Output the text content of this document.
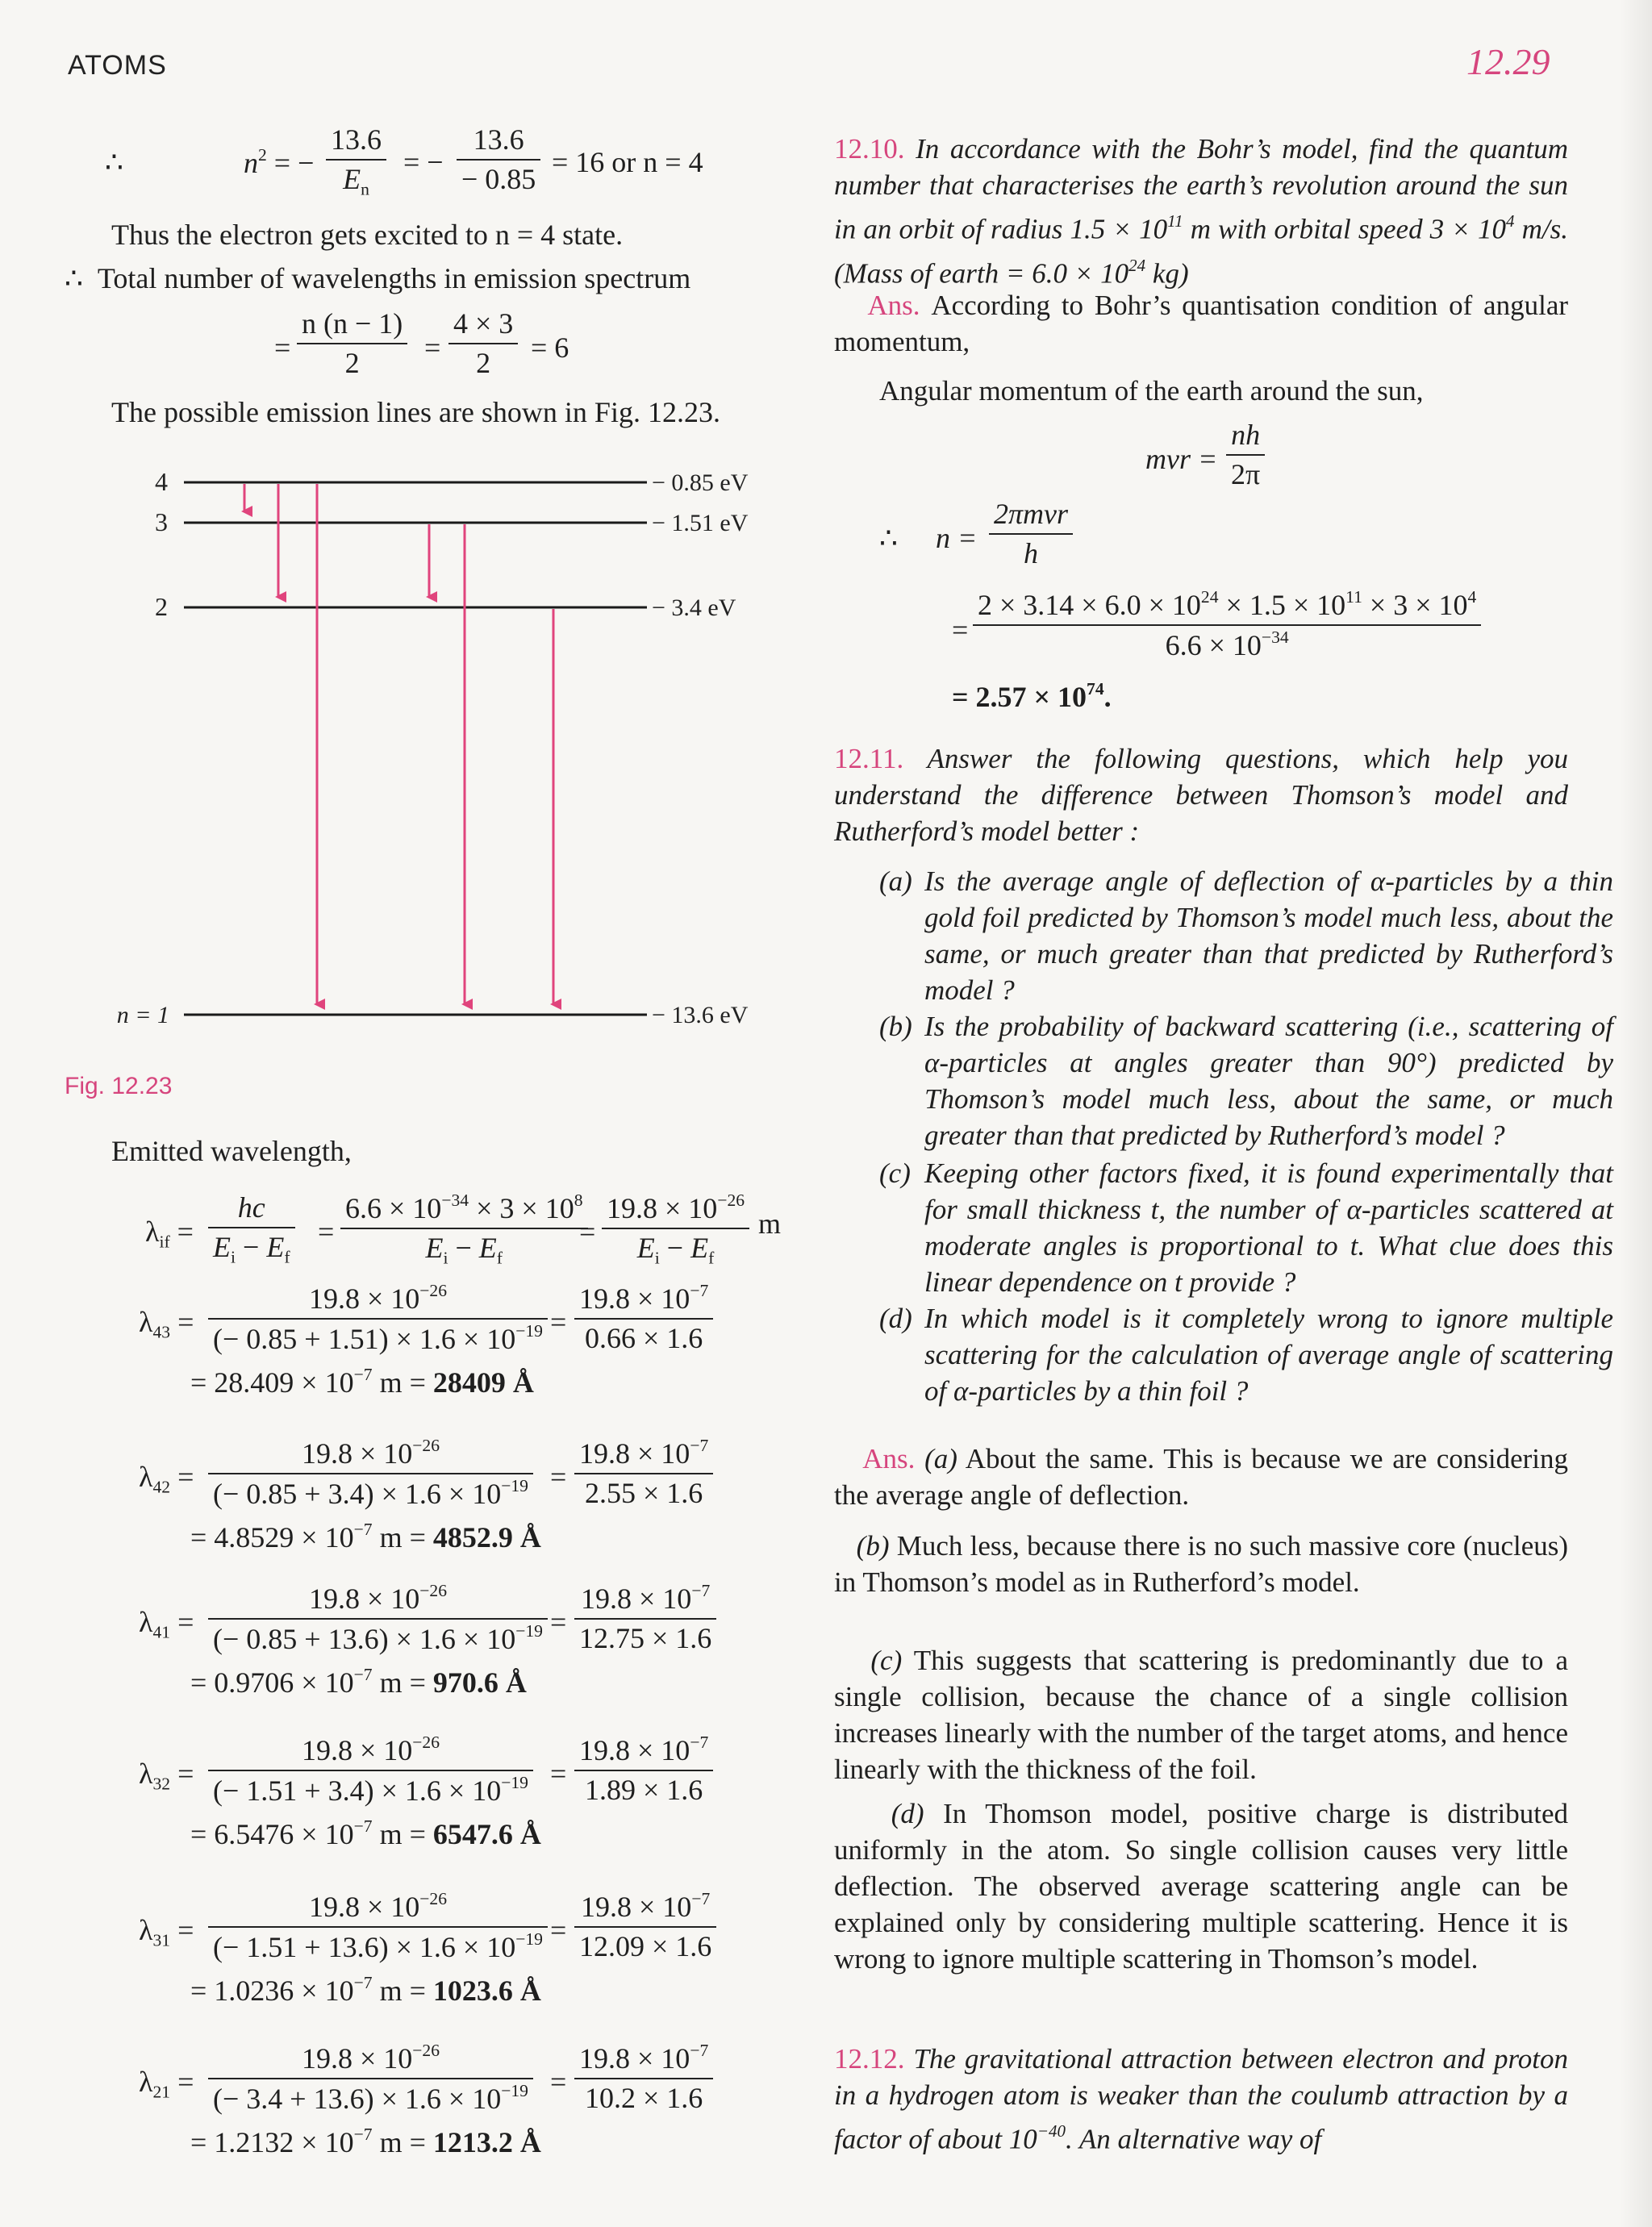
ATOMS	12.29
∴	$n^2$ = − $\frac{13.6}{E_n}$ = − $\frac{13.6}{- 0.85} = 16$ or n = 4
Thus the electron gets excited to n = 4 state.
∴  Total number of wavelengths in emission spectrum
= $\frac{n (n - 1)}{2} = \frac{4 \times 3}{2} = 6$
The possible emission lines are shown in Fig. 12.23.
4
3
2
n = 1
− 0.85 eV
− 1.51 eV
− 3.4 eV
− 13.6 eV
Fig. 12.23
Emitted wavelength,
$\lambda_{if} = \frac{hc}{E_i - E_f} = \frac{6.6 \times 10^{-34} \times 3 \times 10^8}{E_i - E_f}$
= $\frac{19.8 \times 10^{-26}}{E_i - E_f}$ m
$\lambda_{43} = \frac{19.8 \times 10^{-26}}{(- 0.85 + 1.51) \times 1.6 \times 10^{-19}} = \frac{19.8 \times 10^{-7}}{0.66 \times 1.6}$
= $28.409 \times 10^{-7}$ m = 28409 Å
$\lambda_{42} = \frac{19.8 \times 10^{-26}}{(- 0.85 + 3.4) \times 1.6 \times 10^{-19}} = \frac{19.8 \times 10^{-7}}{2.55 \times 1.6}$
= $4.8529 \times 10^{-7}$ m = 4852.9 Å
$\lambda_{41} = \frac{19.8 \times 10^{-26}}{(- 0.85 + 13.6) \times 1.6 \times 10^{-19}} = \frac{19.8 \times 10^{-7}}{12.75 \times 1.6}$
= $0.9706 \times 10^{-7}$ m = 970.6 Å
$\lambda_{32} = \frac{19.8 \times 10^{-26}}{(- 1.51 + 3.4) \times 1.6 \times 10^{-19}} = \frac{19.8 \times 10^{-7}}{1.89 \times 1.6}$
= $6.5476 \times 10^{-7}$ m = 6547.6 Å
$\lambda_{31} = \frac{19.8 \times 10^{-26}}{(- 1.51 + 13.6) \times 1.6 \times 10^{-19}} = \frac{19.8 \times 10^{-7}}{12.09 \times 1.6}$
= $1.0236 \times 10^{-7}$ m = 1023.6 Å
$\lambda_{21} = \frac{19.8 \times 10^{-26}}{(- 3.4 + 13.6) \times 1.6 \times 10^{-19}} = \frac{19.8 \times 10^{-7}}{10.2 \times 1.6}$
= $1.2132 \times 10^{-7}$ m = 1213.2 Å
12.10. In accordance with the Bohr’s model, find the quantum number that characterises the earth’s revolution around the sun in an orbit of radius $1.5 \times 10^{11}$ m with orbital speed $3 \times 10^4$ m/s. (Mass of earth = $6.0 \times 10^{24}$ kg)
Ans. According to Bohr’s quantisation condition of angular momentum,
Angular momentum of the earth around the sun,
mvr = $\frac{nh}{2\pi}$
∴ n =
2πmvr
h
= $\frac{2 \times 3.14 \times 6.0 \times 10^{24} \times 1.5 \times 10^{11} \times 3 \times 10^4}{6.6 \times 10^{-34}}$
= $2.57 \times 10^{74}$.
12.11. Answer the following questions, which help you understand the difference between Thomson’s model and Rutherford’s model better :
(a) Is the average angle of deflection of α-particles by a thin gold foil predicted by Thomson’s model much less, about the same, or much greater than that predicted by Rutherford’s model ?
(b) Is the probability of backward scattering (i.e., scattering of α-particles at angles greater than 90°) predicted by Thomson’s model much less, about the same, or much greater than that predicted by Rutherford’s model ?
(c) Keeping other factors fixed, it is found experimentally that for small thickness t, the number of α-particles scattered at moderate angles is proportional to t. What clue does this linear dependence on t provide ?
(d) In which model is it completely wrong to ignore multiple scattering for the calculation of average angle of scattering of α-particles by a thin foil ?
Ans. (a) About the same. This is because we are considering the average angle of deflection.
(b) Much less, because there is no such massive core (nucleus) in Thomson’s model as in Rutherford’s model.
(c) This suggests that scattering is predominantly due to a single collision, because the chance of a single collision increases linearly with the number of the target atoms, and hence linearly with the thickness of the foil.
(d) In Thomson model, positive charge is distributed uniformly in the atom. So single collision causes very little deflection. The observed average scattering angle can be explained only by considering multiple scattering. Hence it is wrong to ignore multiple scattering in Thomson’s model.
12.12. The gravitational attraction between electron and proton in a hydrogen atom is weaker than the coulumb attraction by a factor of about $10^{-40}$. An alternative way of
